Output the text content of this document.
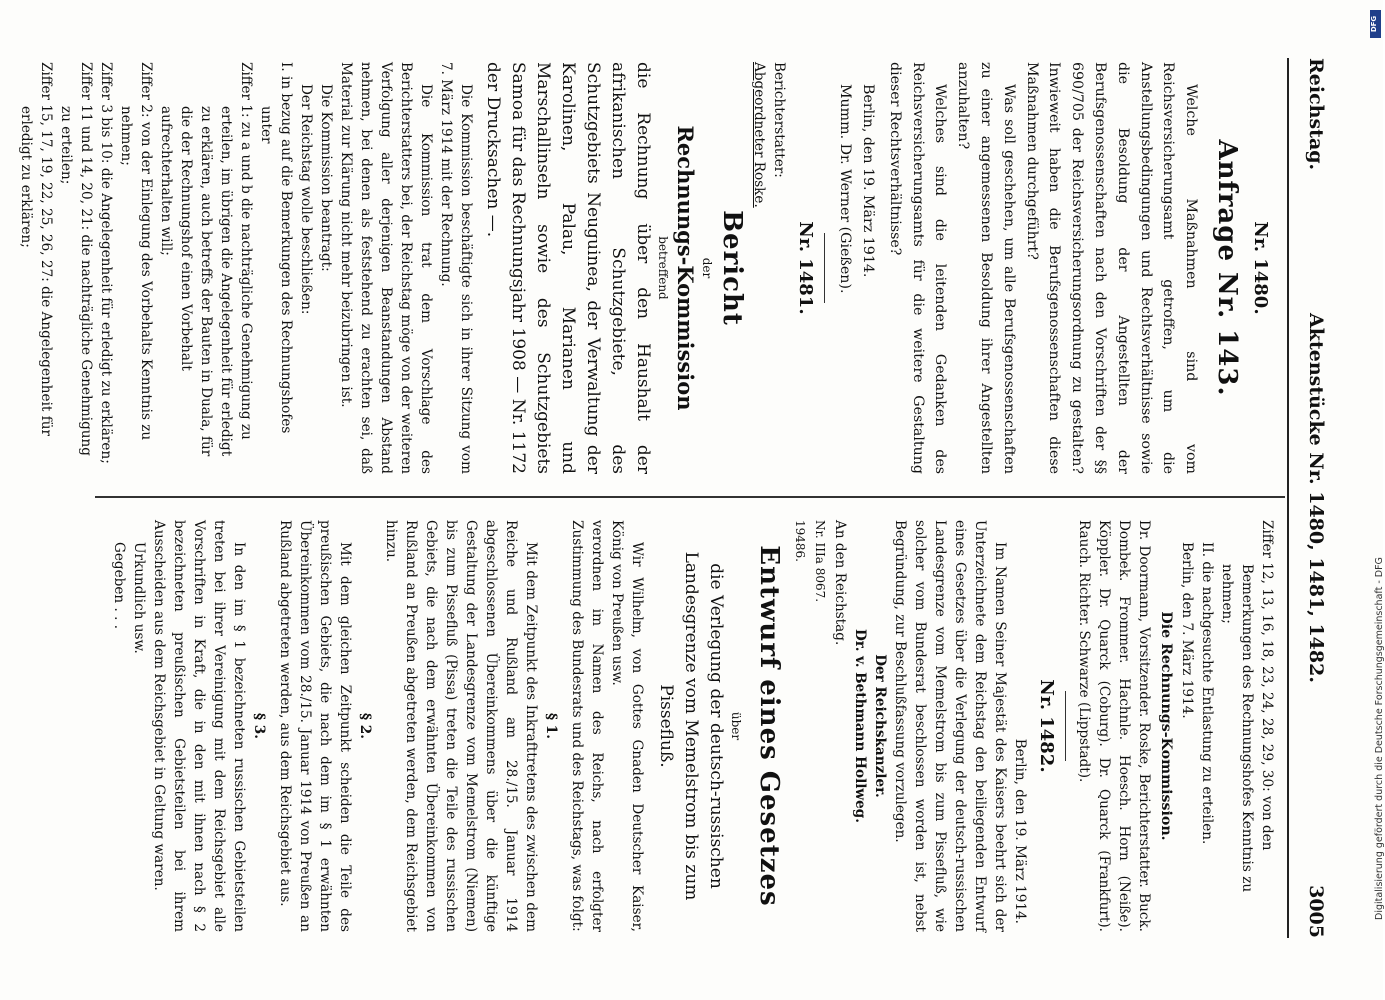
Reichstag.
Aktenstücke Nr. 1480, 1481, 1482.
3005

Nr. 1480.

Anfrage Nr. 143.

Welche Maßnahmen sind vom Reichsversicherungsamt getroffen, um die Anstellungsbedingungen und Rechtsverhältnisse sowie die Besoldung der Angestellten der Berufsgenossenschaften nach den Vorschriften der §§ 690/705 der Reichsversicherungsordnung zu gestalten? Inwieweit haben die Berufsgenossenschaften diese Maßnahmen durchgeführt?

Was soll geschehen, um alle Berufsgenossenschaften zu einer angemessenen Besoldung ihrer Angestellten anzuhalten?

Welches sind die leitenden Gedanken des Reichsversicherungsamts für die weitere Gestaltung dieser Rechtsverhältnisse?

Berlin, den 19. März 1914.

Mumm. Dr. Werner (Gießen).

Nr. 1481.

Berichterstatter:

Abgeordneter Roske.

Bericht

der

Rechnungs-Kommission

betreffend

die Rechnung über den Haushalt der afrikanischen Schutzgebiete, des Schutzgebiets Neuguinea, der Verwaltung der Karolinen, Palau, Marianen und Marschallinseln sowie des Schutzgebiets Samoa für das Rechnungsjahr 1908 — Nr. 1172 der Drucksachen —.

Die Kommission beschäftigte sich in ihrer Sitzung vom 7. März 1914 mit der Rechnung.

Die Kommission trat dem Vorschlage des Berichterstatters bei, der Reichstag möge von der weiteren Verfolgung aller derjenigen Beanstandungen Abstand nehmen, bei denen als feststehend zu erachten sei, daß Material zur Klärung nicht mehr beizubringen ist.

Die Kommission beantragt:

Der Reichstag wolle beschließen:

I. in bezug auf die Bemerkungen des Rechnungshofes unter

Ziffer 1: zu a und b die nachträgliche Genehmigung zu erteilen, im übrigen die Angelegenheit für erledigt zu erklären, auch betreffs der Bauten in Duala, für die der Rechnungshof einen Vorbehalt aufrechterhalten will;

Ziffer 2: von der Einlegung des Vorbehalts Kenntnis zu nehmen;

Ziffer 3 bis 10: die Angelegenheit für erledigt zu erklären;

Ziffer 11 und 14, 20, 21: die nachträgliche Genehmigung zu erteilen;

Ziffer 15, 17, 19, 22, 25, 26, 27: die Angelegenheit für erledigt zu erklären;

Ziffer 12, 13, 16, 18, 23, 24, 28, 29, 30: von den Bemerkungen des Rechnungshofes Kenntnis zu nehmen;

II. die nachgesuchte Entlastung zu erteilen.

Berlin, den 7. März 1914.

Die Rechnungs-Kommission.

Dr. Doormann, Vorsitzender. Roske, Berichterstatter. Buck. Dombek. Frommer. Hachnle. Hoesch. Horn (Neiße). Köppler. Dr. Quarck (Coburg). Dr. Quarck (Frankfurt). Rauch. Richter. Schwarze (Lippstadt).

Nr. 1482.

Berlin, den 19. März 1914.

Im Namen Seiner Majestät des Kaisers beehrt sich der Unterzeichnete dem Reichstag den beiliegenden Entwurf eines Gesetzes über die Verlegung der deutsch-russischen Landesgrenze vom Memelstrom bis zum Pissefluß, wie solcher vom Bundesrat beschlossen worden ist, nebst Begründung, zur Beschlußfassung vorzulegen.

Der Reichskanzler.

Dr. v. Bethmann Hollweg.

An den Reichstag.

Nr. IIIa 8067.

19486.

Entwurf eines Gesetzes

über

die Verlegung der deutsch-russischen Landesgrenze vom Memelstrom bis zum Pissefluß.

Wir Wilhelm, von Gottes Gnaden Deutscher Kaiser, König von Preußen usw.

verordnen im Namen des Reichs, nach erfolgter Zustimmung des Bundesrats und des Reichstags, was folgt:

§ 1.

Mit dem Zeitpunkt des Inkrafttretens des zwischen dem Reiche und Rußland am 28./15. Januar 1914 abgeschlossenen Übereinkommens über die künftige Gestaltung der Landesgrenze vom Memelstrom (Niemen) bis zum Pissefluß (Pissa) treten die Teile des russischen Gebiets, die nach dem erwähnten Übereinkommen von Rußland an Preußen abgetreten werden, dem Reichsgebiet hinzu.

§ 2.

Mit dem gleichen Zeitpunkt scheiden die Teile des preußischen Gebiets, die nach dem im § 1 erwähnten Übereinkommen vom 28./15. Januar 1914 von Preußen an Rußland abgetreten werden, aus dem Reichsgebiet aus.

§ 3.

In den im § 1 bezeichneten russischen Gebietsteilen treten bei ihrer Vereinigung mit dem Reichsgebiet alle Vorschriften in Kraft, die in den mit ihnen nach § 2 bezeichneten preußischen Gebietsteilen bei ihrem Ausscheiden aus dem Reichsgebiet in Geltung waren.

Urkundlich usw.

Gegeben . . .

DFG
Digitalisierung gefördert durch die Deutsche Forschungsgemeinschaft - DFG
